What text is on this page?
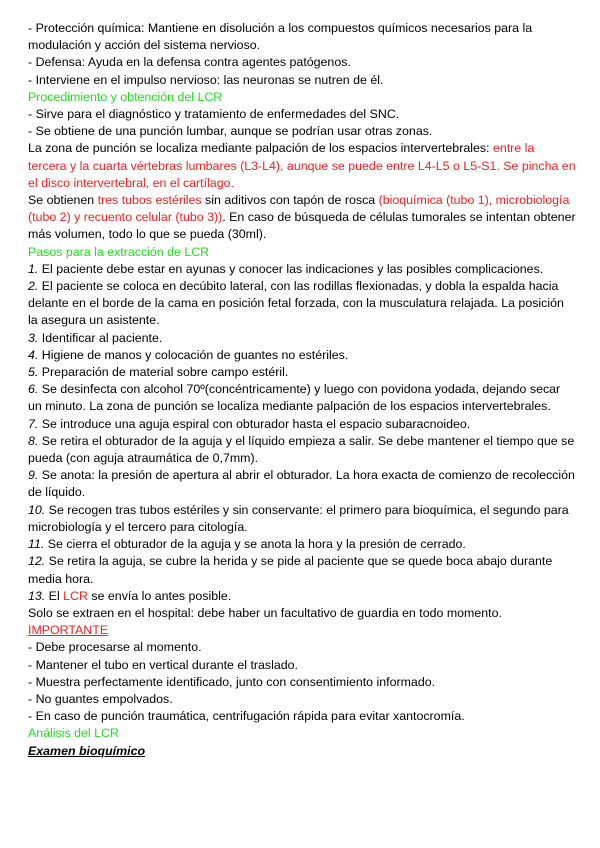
- Protección química: Mantiene en disolución a los compuestos químicos necesarios para la modulación y acción del sistema nervioso.

- Defensa: Ayuda en la defensa contra agentes patógenos.

- Interviene en el impulso nervioso: las neuronas se nutren de él.

Procedimiento y obtención del LCR

- Sirve para el diagnóstico y tratamiento de enfermedades del SNC.

- Se obtiene de una punción lumbar, aunque se podrían usar otras zonas.

La zona de punción se localiza mediante palpación de los espacios intervertebrales: entre la tercera y la cuarta vértebras lumbares (L3-L4), aunque se puede entre L4-L5 o L5-S1. Se pincha en el disco intervertebral, en el cartílago.

Se obtienen tres tubos estériles sin aditivos con tapón de rosca (bioquímica (tubo 1), microbiología (tubo 2) y recuento celular (tubo 3)). En caso de búsqueda de células tumorales se intentan obtener más volumen, todo lo que se pueda (30ml).

Pasos para la extracción de LCR

1. El paciente debe estar en ayunas y conocer las indicaciones y las posibles complicaciones.

2. El paciente se coloca en decúbito lateral, con las rodillas flexionadas, y dobla la espalda hacia delante en el borde de la cama en posición fetal forzada, con la musculatura relajada. La posición la asegura un asistente.

3. Identificar al paciente.

4. Higiene de manos y colocación de guantes no estériles.

5. Preparación de material sobre campo estéril.

6. Se desinfecta con alcohol 70º(concéntricamente) y luego con povidona yodada, dejando secar un minuto. La zona de punción se localiza mediante palpación de los espacios intervertebrales.

7. Se introduce una aguja espiral con obturador hasta el espacio subaracnoideo.

8. Se retira el obturador de la aguja y el líquido empieza a salir. Se debe mantener el tiempo que se pueda (con aguja atraumática de 0,7mm).

9. Se anota: la presión de apertura al abrir el obturador. La hora exacta de comienzo de recolección de líquido.

10. Se recogen tras tubos estériles y sin conservante: el primero para bioquímica, el segundo para microbiología y el tercero para citología.

11. Se cierra el obturador de la aguja y se anota la hora y la presión de cerrado.

12. Se retira la aguja, se cubre la herida y se pide al paciente que se quede boca abajo durante media hora.

13. El LCR se envía lo antes posible.

Solo se extraen en el hospital: debe haber un facultativo de guardia en todo momento.

IMPORTANTE

- Debe procesarse al momento.

- Mantener el tubo en vertical durante el traslado.

- Muestra perfectamente identificado, junto con consentimiento informado.

- No guantes empolvados.

- En caso de punción traumática, centrifugación rápida para evitar xantocromía.

Análisis del LCR

Examen bioquímico
